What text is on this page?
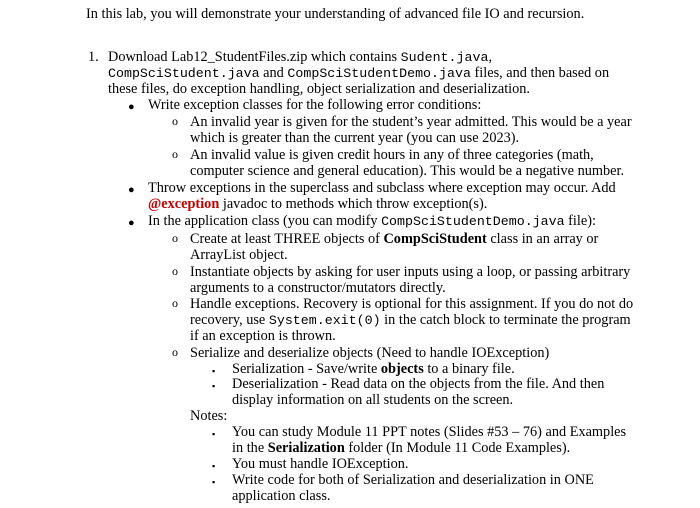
In this lab, you will demonstrate your understanding of advanced file IO and recursion.
1. Download Lab12_StudentFiles.zip which contains Sudent.java,
CompSciStudent.java and CompSciStudentDemo.java files, and then based on
these files, do exception handling, object serialization and deserialization.
● Write exception classes for the following error conditions:
o An invalid year is given for the student’s year admitted. This would be a year
which is greater than the current year (you can use 2023).
o An invalid value is given credit hours in any of three categories (math,
computer science and general education). This would be a negative number.
● Throw exceptions in the superclass and subclass where exception may occur. Add
@exception javadoc to methods which throw exception(s).
● In the application class (you can modify CompSciStudentDemo.java file):
o Create at least THREE objects of CompSciStudent class in an array or
ArrayList object.
o Instantiate objects by asking for user inputs using a loop, or passing arbitrary
arguments to a constructor/mutators directly.
o Handle exceptions. Recovery is optional for this assignment. If you do not do
recovery, use System.exit(0) in the catch block to terminate the program
if an exception is thrown.
o Serialize and deserialize objects (Need to handle IOException)
▪ Serialization - Save/write objects to a binary file.
▪ Deserialization - Read data on the objects from the file. And then
display information on all students on the screen.
Notes:
▪ You can study Module 11 PPT notes (Slides #53 – 76) and Examples
in the Serialization folder (In Module 11 Code Examples).
▪ You must handle IOException.
▪ Write code for both of Serialization and deserialization in ONE
application class.
